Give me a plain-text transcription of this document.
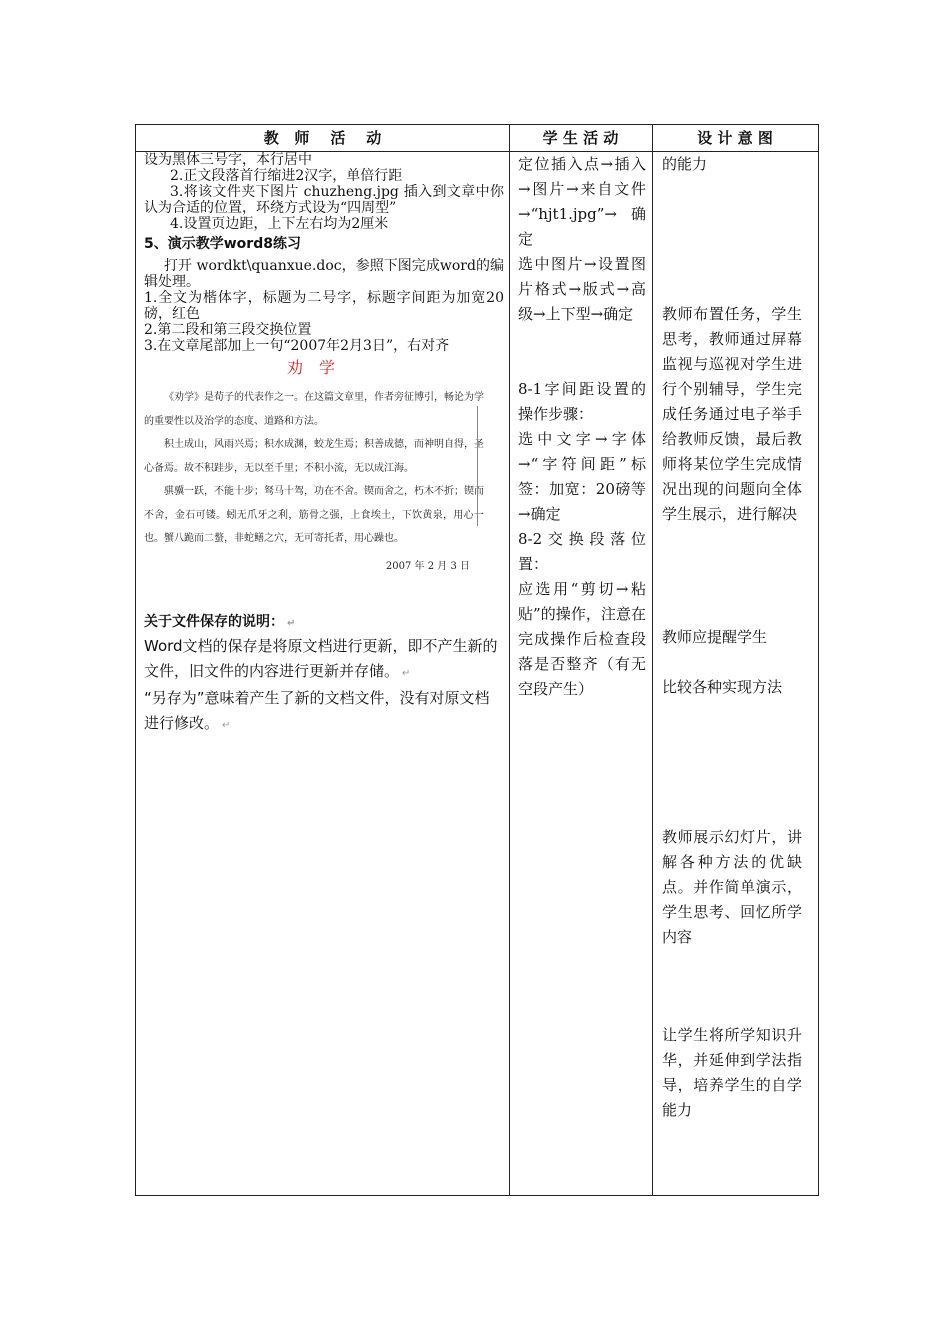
教   师    活    动	学 生 活 动	设 计 意 图

设为黑体三号字，本行居中

2.正文段落首行缩进2汉字，单倍行距

3.将该文件夹下图片 chuzheng.jpg 插入到文章中你认为合适的位置，环绕方式设为“四周型”

4.设置页边距，上下左右均为2厘米

5、演示教学word8练习

打开 wordkt\quanxue.doc，参照下图完成word的编辑处理。

1.全文为楷体字，标题为二号字，标题字间距为加宽20磅，红色

2.第二段和第三段交换位置

3.在文章尾部加上一句“2007年2月3日”，右对齐

劝学

《劝学》是荀子的代表作之一。在这篇文章里，作者旁征博引，畅论为学的重要性以及治学的态度、道路和方法。

积土成山，风雨兴焉；积水成渊，蛟龙生焉；积善成德，而神明自得，圣心备焉。故不积跬步，无以至千里；不积小流，无以成江海。

骐骥一跃，不能十步；驽马十驾，功在不舍。锲而舍之，朽木不折；锲而不舍，金石可镂。蚓无爪牙之利，筋骨之强，上食埃土，下饮黄泉，用心一也。蟹八跪而二螯，非蛇鳝之穴，无可寄托者，用心躁也。

2007 年 2 月 3 日
关于文件保存的说明： ↵

Word文档的保存是将原文档进行更新，即不产生新的文件，旧文件的内容进行更新并存储。 ↵

“另存为”意味着产生了新的文档文件，没有对原文档进行修改。 ↵

定位插入点→插入→图片→来自文件→“hjt1.jpg”→确定

选中图片→设置图片格式→版式→高级→上下型→确定

8-1字间距设置的操作步骤：

选中文字→字体→“字符间距”标签：加宽：20磅等→确定

8-2交换段落位置：

应选用“剪切→粘贴”的操作，注意在完成操作后检查段落是否整齐（有无空段产生）

的能力

教师布置任务，学生思考，教师通过屏幕监视与巡视对学生进行个别辅导，学生完成任务通过电子举手给教师反馈，最后教师将某位学生完成情况出现的问题向全体学生展示，进行解决

教师应提醒学生

比较各种实现方法

教师展示幻灯片，讲解各种方法的优缺点。并作简单演示，学生思考、回忆所学内容

让学生将所学知识升华，并延伸到学法指导，培养学生的自学能力
